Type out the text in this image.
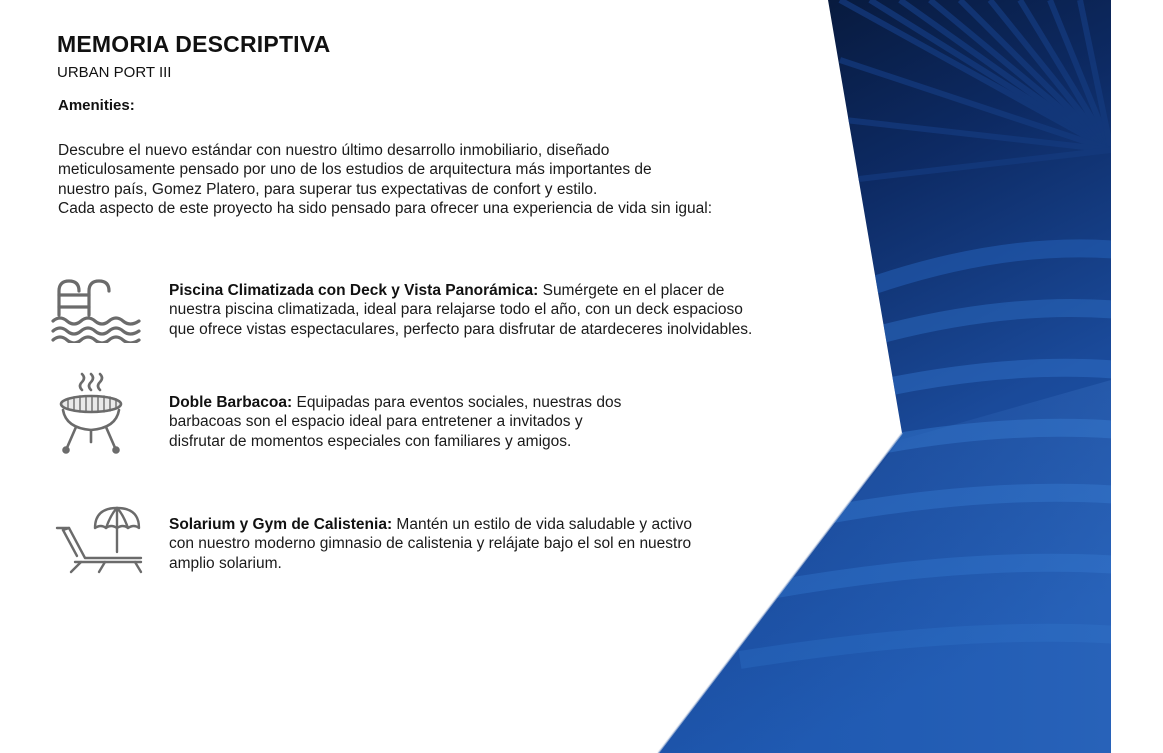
MEMORIA DESCRIPTIVA
URBAN PORT III
Amenities:
Descubre el nuevo estándar con nuestro último desarrollo inmobiliario, diseñado
meticulosamente pensado por uno de los estudios de arquitectura más importantes de
nuestro país, Gomez Platero, para superar tus expectativas de confort y estilo.
Cada aspecto de este proyecto ha sido pensado para ofrecer una experiencia de vida sin igual:
Piscina Climatizada con Deck y Vista Panorámica: Sumérgete en el placer de
nuestra piscina climatizada, ideal para relajarse todo el año, con un deck espacioso
que ofrece vistas espectaculares, perfecto para disfrutar de atardeceres inolvidables.
Doble Barbacoa: Equipadas para eventos sociales, nuestras dos
barbacoas son el espacio ideal para entretener a invitados y
disfrutar de momentos especiales con familiares y amigos.
Solarium y Gym de Calistenia: Mantén un estilo de vida saludable y activo
con nuestro moderno gimnasio de calistenia y relájate bajo el sol en nuestro
amplio solarium.
